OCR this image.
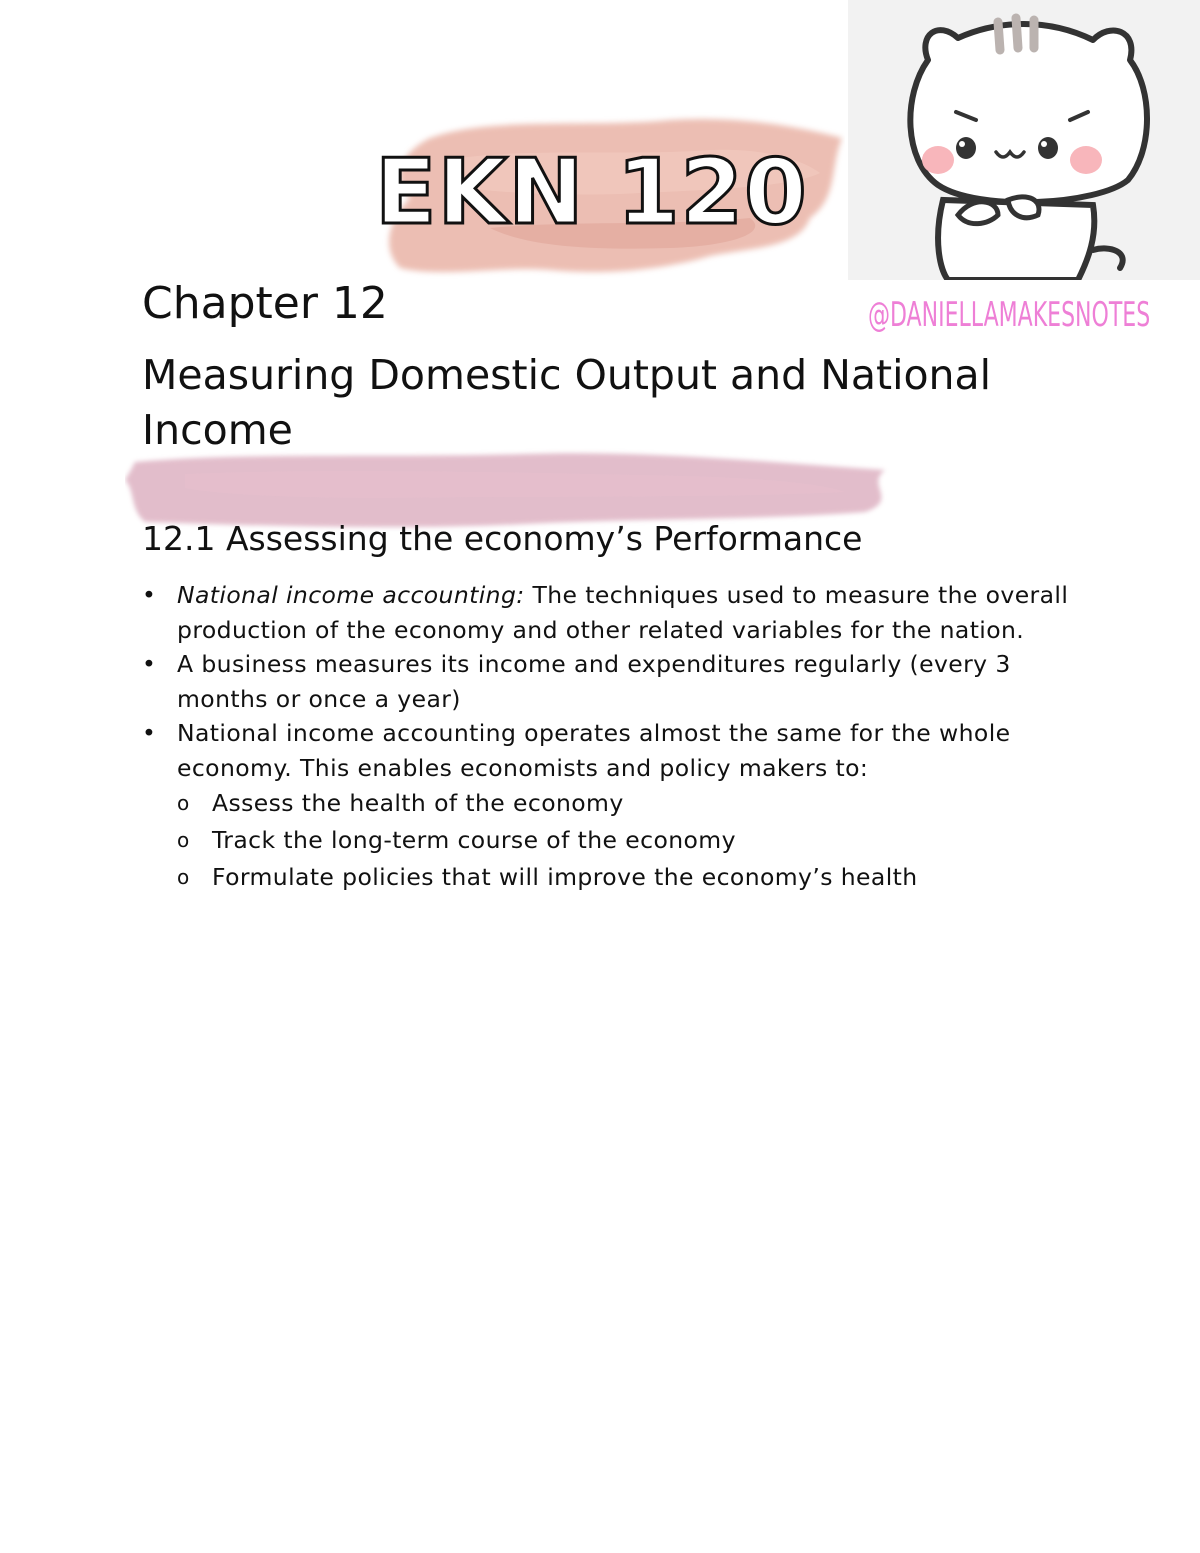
EKN 120
@DANIELLAMAKESNOTES
Chapter 12
Measuring Domestic Output and National Income
12.1 Assessing the economy’s Performance
• National income accounting: The techniques used to measure the overall production of the economy and other related variables for the nation.
• A business measures its income and expenditures regularly (every 3 months or once a year)
• National income accounting operates almost the same for the whole economy. This enables economists and policy makers to:
o Assess the health of the economy
o Track the long-term course of the economy
o Formulate policies that will improve the economy’s health
